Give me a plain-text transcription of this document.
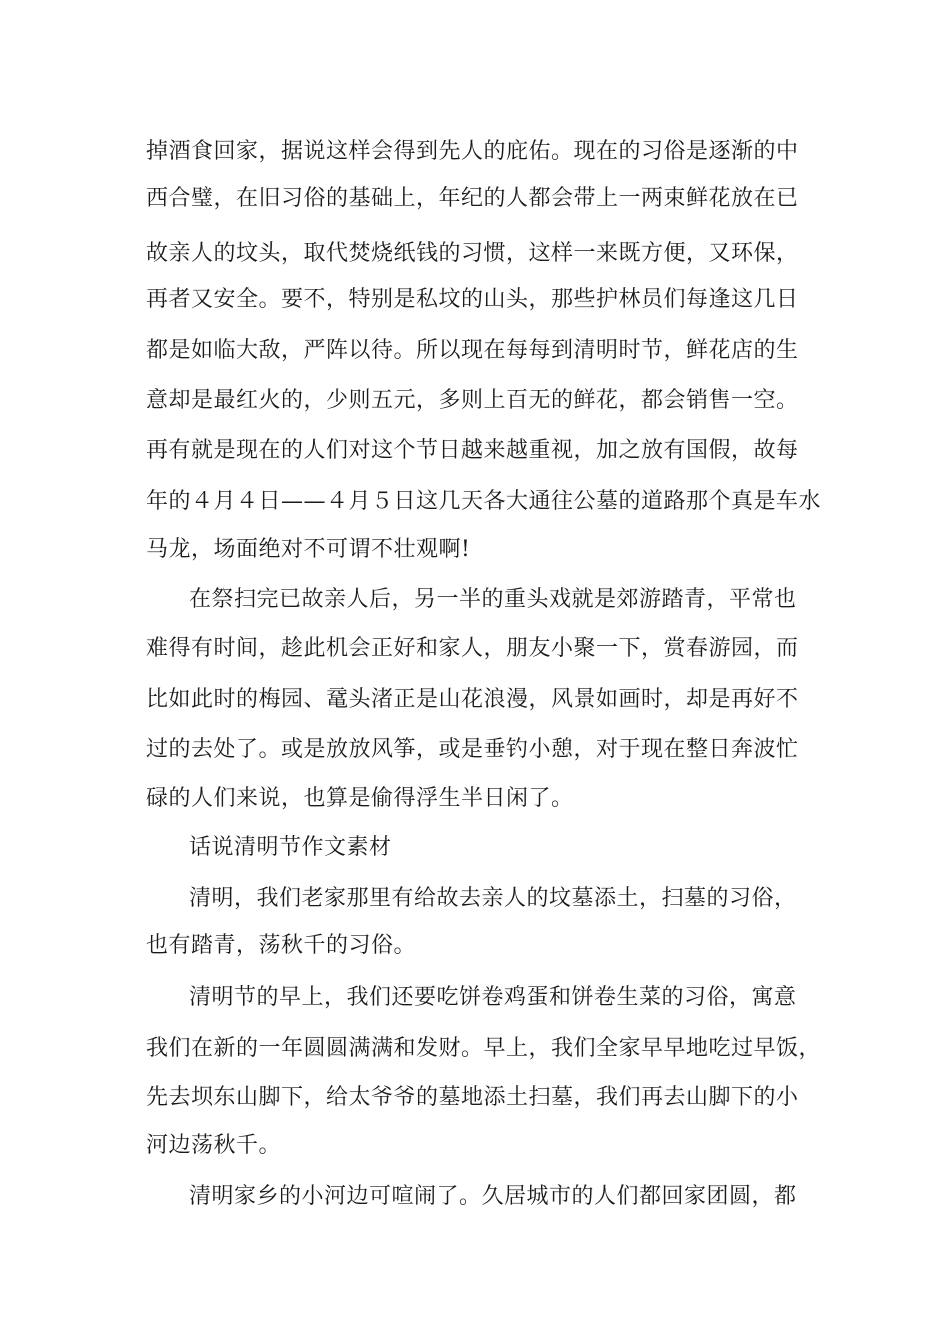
掉酒食回家，据说这样会得到先人的庇佑。现在的习俗是逐渐的中
西合璧，在旧习俗的基础上，年纪的人都会带上一两束鲜花放在已
故亲人的坟头，取代焚烧纸钱的习惯，这样一来既方便，又环保，
再者又安全。要不，特别是私坟的山头，那些护林员们每逢这几日
都是如临大敌，严阵以待。所以现在每每到清明时节，鲜花店的生
意却是最红火的，少则五元，多则上百无的鲜花，都会销售一空。
再有就是现在的人们对这个节日越来越重视，加之放有国假，故每
年的４月４日——４月５日这几天各大通往公墓的道路那个真是车水
马龙，场面绝对不可谓不壮观啊!
在祭扫完已故亲人后，另一半的重头戏就是郊游踏青，平常也
难得有时间，趁此机会正好和家人，朋友小聚一下，赏春游园，而
比如此时的梅园、鼋头渚正是山花浪漫，风景如画时，却是再好不
过的去处了。或是放放风筝，或是垂钓小憩，对于现在整日奔波忙
碌的人们来说，也算是偷得浮生半日闲了。
话说清明节作文素材
清明，我们老家那里有给故去亲人的坟墓添土，扫墓的习俗，
也有踏青，荡秋千的习俗。
清明节的早上，我们还要吃饼卷鸡蛋和饼卷生菜的习俗，寓意
我们在新的一年圆圆满满和发财。早上，我们全家早早地吃过早饭，
先去坝东山脚下，给太爷爷的墓地添土扫墓，我们再去山脚下的小
河边荡秋千。
清明家乡的小河边可喧闹了。久居城市的人们都回家团圆，都
